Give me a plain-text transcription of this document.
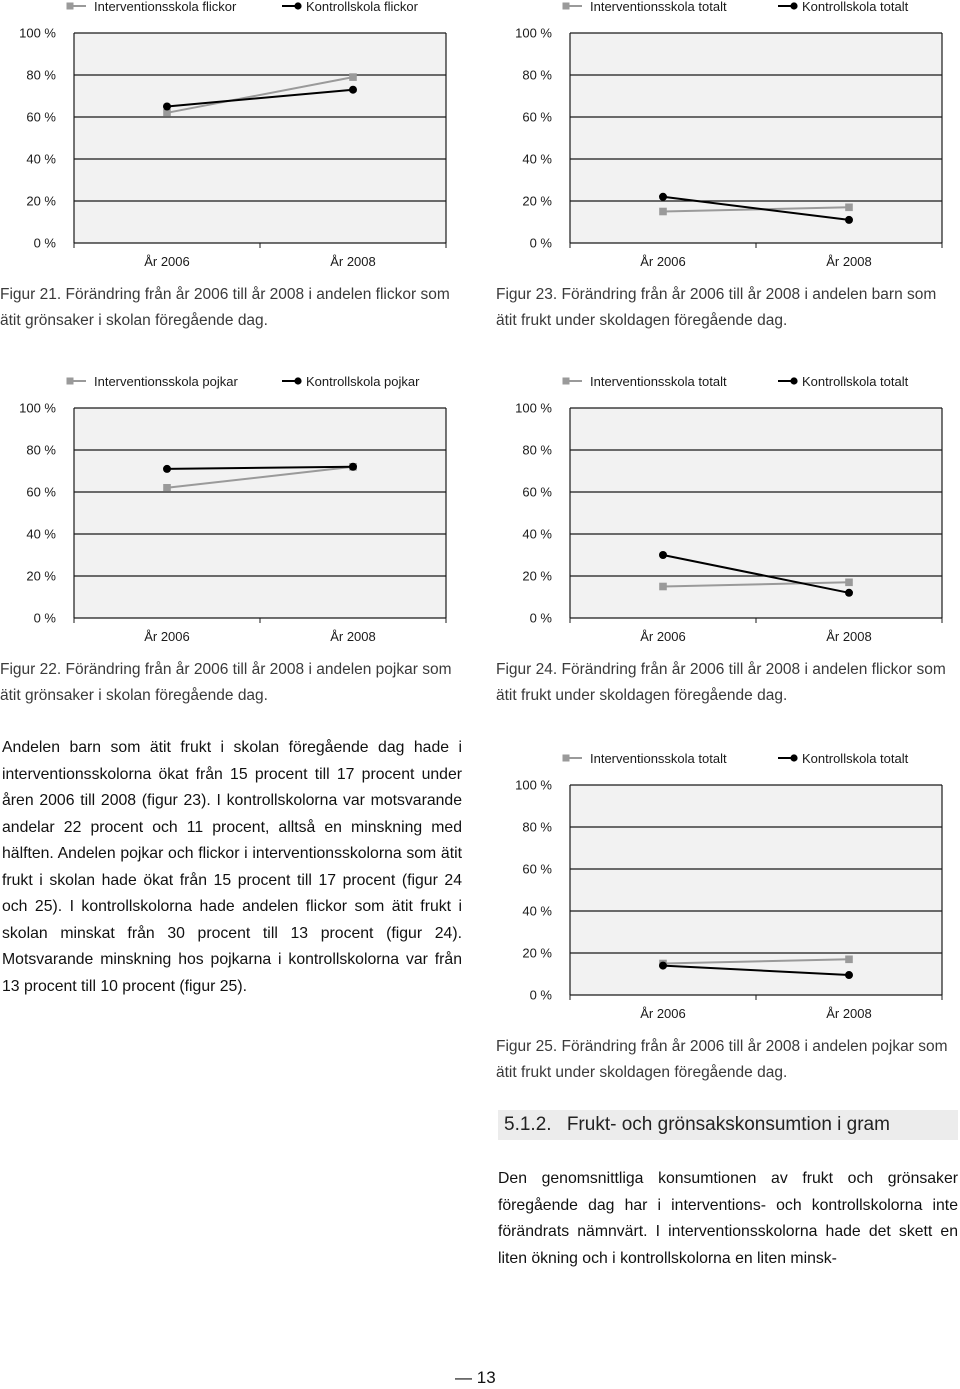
0 %
20 %
40 %
60 %
80 %
100 %
År 2006	År 2008
Interventionsskola flickor	Kontrollskola flickor
Figur 21. Förändring från år 2006 till år 2008 i andelen flickor som ätit grönsaker i skolan föregående dag.
0 %
20 %
40 %
60 %
80 %
100 %
År 2006	År 2008
Interventionsskola totalt	Kontrollskola totalt
Figur 23. Förändring från år 2006 till år 2008 i andelen barn som ätit frukt under skoldagen föregående dag.
0 %
20 %
40 %
60 %
80 %
100 %
År 2006	År 2008
Interventionsskola pojkar	Kontrollskola pojkar
Figur 22. Förändring från år 2006 till år 2008 i andelen pojkar som ätit grönsaker i skolan föregående dag.
0 %
20 %
40 %
60 %
80 %
100 %
År 2006	År 2008
Interventionsskola totalt	Kontrollskola totalt
Figur 24. Förändring från år 2006 till år 2008 i andelen flickor som ätit frukt under skoldagen föregående dag.
Andelen barn som ätit frukt i skolan föregående dag hade i interventionsskolorna ökat från 15 procent till 17 procent under åren 2006 till 2008 (figur 23). I kontrollskolorna var motsvarande andelar 22 procent och 11 procent, alltså en minskning med hälften. Andelen pojkar och flickor i interventionsskolorna som ätit frukt i skolan hade ökat från 15 procent till 17 procent (figur 24 och 25). I kontrollskolorna hade andelen flickor som ätit frukt i skolan minskat från 30 procent till 13 procent (figur 24). Motsvarande minskning hos pojkarna i kontrollskolorna var från 13 procent till 10 procent (figur 25).
0 %
20 %
40 %
60 %
80 %
100 %
År 2006	År 2008
Interventionsskola totalt	Kontrollskola totalt
Figur 25. Förändring från år 2006 till år 2008 i andelen pojkar som ätit frukt under skoldagen föregående dag.
5.1.2. Frukt- och grönsakskonsumtion i gram
Den genomsnittliga konsumtionen av frukt och grönsaker föregående dag har i interventions- och kontrollskolorna inte förändrats nämnvärt. I interventionsskolorna hade det skett en liten ökning och i kontrollskolorna en liten minsk-
— 13
